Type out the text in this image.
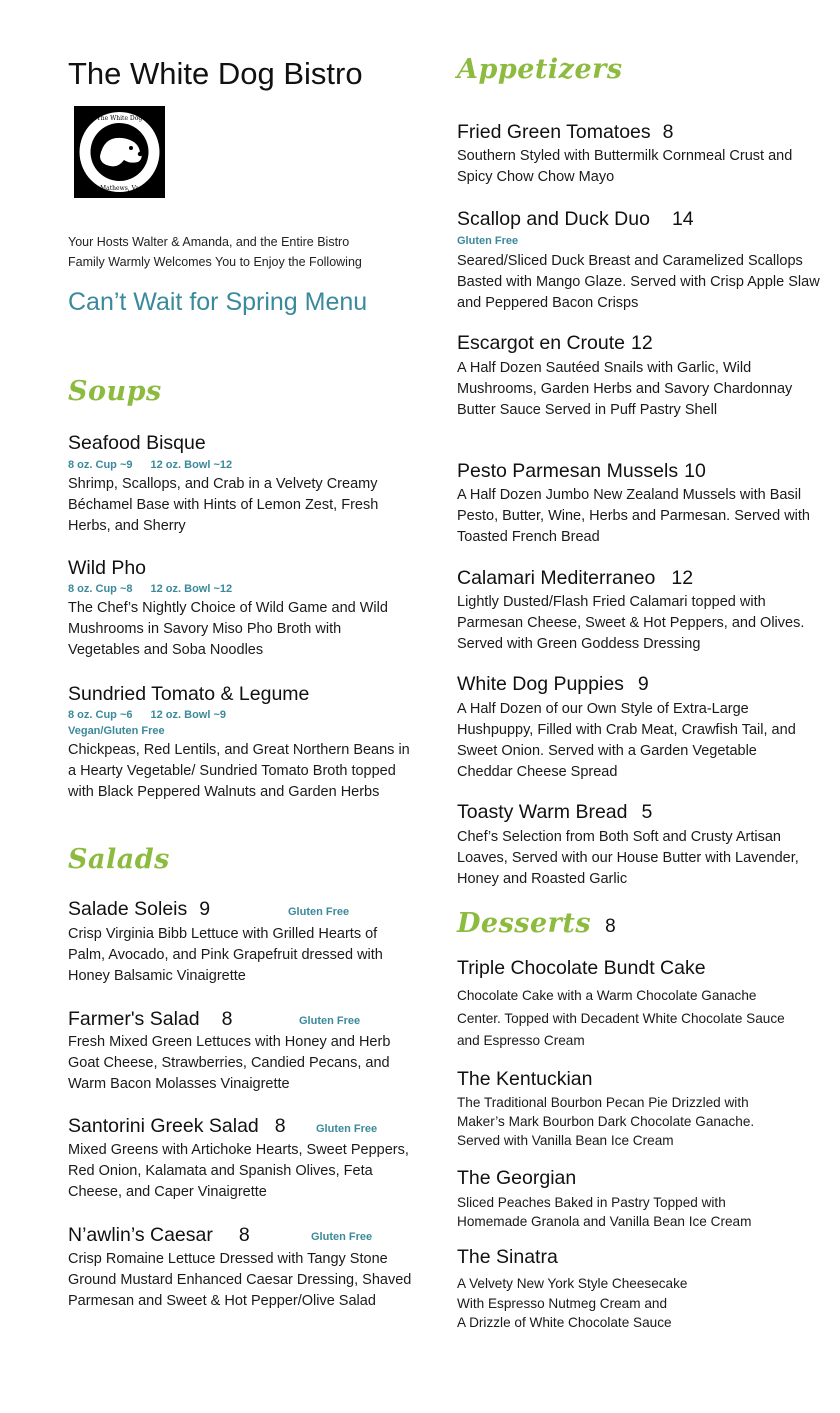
The White Dog Bistro
Your Hosts Walter & Amanda, and the Entire Bistro
Family Warmly Welcomes You to Enjoy the Following
Can’t Wait for Spring Menu
Soups
Seafood Bisque
8 oz. Cup ~9 12 oz. Bowl ~12
Shrimp, Scallops, and Crab in a Velvety Creamy Béchamel Base with Hints of Lemon Zest, Fresh Herbs, and Sherry
Wild Pho
8 oz. Cup ~8 12 oz. Bowl ~12
The Chef’s Nightly Choice of Wild Game and Wild Mushrooms in Savory Miso Pho Broth with Vegetables and Soba Noodles
Sundried Tomato & Legume
8 oz. Cup ~6 12 oz. Bowl ~9
Vegan/Gluten Free
Chickpeas, Red Lentils, and Great Northern Beans in a Hearty Vegetable/ Sundried Tomato Broth topped with Black Peppered Walnuts and Garden Herbs
Salads
Salade Soleis 9	Gluten Free
Crisp Virginia Bibb Lettuce with Grilled Hearts of Palm, Avocado, and Pink Grapefruit dressed with Honey Balsamic Vinaigrette
Farmer's Salad 8	Gluten Free
Fresh Mixed Green Lettuces with Honey and Herb Goat Cheese, Strawberries, Candied Pecans, and Warm Bacon Molasses Vinaigrette
Santorini Greek Salad 8	Gluten Free
Mixed Greens with Artichoke Hearts, Sweet Peppers, Red Onion, Kalamata and Spanish Olives, Feta Cheese, and Caper Vinaigrette
N’awlin’s Caesar 8	Gluten Free
Crisp Romaine Lettuce Dressed with Tangy Stone Ground Mustard Enhanced Caesar Dressing, Shaved Parmesan and Sweet & Hot Pepper/Olive Salad
The White Dog
Mathews, Va
Appetizers
Fried Green Tomatoes 8
Southern Styled with Buttermilk Cornmeal Crust and Spicy Chow Chow Mayo
Scallop and Duck Duo 14
Gluten Free
Seared/Sliced Duck Breast and Caramelized Scallops Basted with Mango Glaze. Served with Crisp Apple Slaw and Peppered Bacon Crisps
Escargot en Croute 12
A Half Dozen Sautéed Snails with Garlic, Wild Mushrooms, Garden Herbs and Savory Chardonnay Butter Sauce Served in Puff Pastry Shell
Pesto Parmesan Mussels 10
A Half Dozen Jumbo New Zealand Mussels with Basil Pesto, Butter, Wine, Herbs and Parmesan. Served with Toasted French Bread
Calamari Mediterraneo 12
Lightly Dusted/Flash Fried Calamari topped with Parmesan Cheese, Sweet & Hot Peppers, and Olives. Served with Green Goddess Dressing
White Dog Puppies 9
A Half Dozen of our Own Style of Extra-Large Hushpuppy, Filled with Crab Meat, Crawfish Tail, and Sweet Onion. Served with a Garden Vegetable Cheddar Cheese Spread
Toasty Warm Bread 5
Chef’s Selection from Both Soft and Crusty Artisan Loaves, Served with our House Butter with Lavender, Honey and Roasted Garlic
Desserts 8
Triple Chocolate Bundt Cake
Chocolate Cake with a Warm Chocolate Ganache Center. Topped with Decadent White Chocolate Sauce and Espresso Cream
The Kentuckian
The Traditional Bourbon Pecan Pie Drizzled with Maker’s Mark Bourbon Dark Chocolate Ganache. Served with Vanilla Bean Ice Cream
The Georgian
Sliced Peaches Baked in Pastry Topped with Homemade Granola and Vanilla Bean Ice Cream
The Sinatra
A Velvety New York Style Cheesecake
With Espresso Nutmeg Cream and
A Drizzle of White Chocolate Sauce
